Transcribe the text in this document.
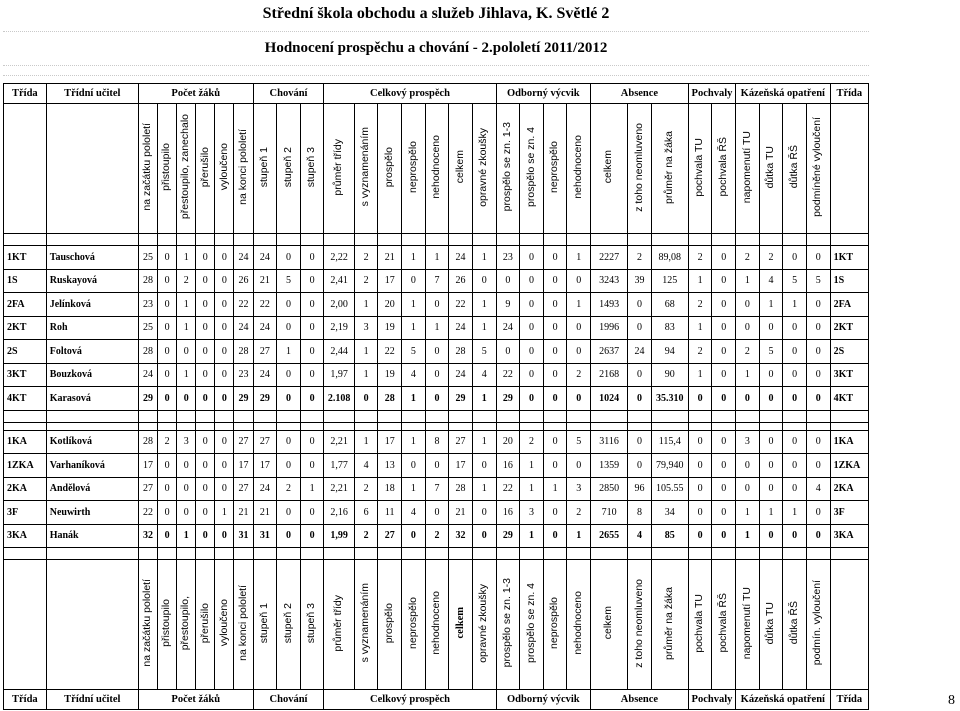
Střední škola obchodu a služeb Jihlava, K. Světlé 2
Hodnocení prospěchu a chování - 2.pololetí 2011/2012
Třída	Třídní učitel	Počet žáků						Chování			Celkový prospěch							Odborný výcvik				Absence			Pochvaly		Kázeňská opatření				Třída
		na začátku pololetí	přistoupilo	přestoupilo, zanechalo	přerušilo	vyloučeno	na konci pololetí	stupeň 1	stupeň 2	stupeň 3	průměr třídy	s vyznamenáním	prospělo	neprospělo	nehodnoceno	celkem	opravné zkoušky	prospělo se zn. 1-3	prospělo se zn. 4	neprospělo	nehodnoceno	celkem	z toho neomluveno	průměr na žáka	pochvala TU	pochvala ŘŠ	napomenutí TU	důtka TU	důtka ŘŠ	podmíněné vyloučení	

1KT	Tauschová	25	0	1	0	0	24	24	0	0	2,22	2	21	1	1	24	1	23	0	0	1	2227	2	89,08	2	0	2	2	0	0	1KT
1S	Ruskayová	28	0	2	0	0	26	21	5	0	2,41	2	17	0	7	26	0	0	0	0	0	3243	39	125	1	0	1	4	5	5	1S
2FA	Jelínková	23	0	1	0	0	22	22	0	0	2,00	1	20	1	0	22	1	9	0	0	1	1493	0	68	2	0	0	1	1	0	2FA
2KT	Roh	25	0	1	0	0	24	24	0	0	2,19	3	19	1	1	24	1	24	0	0	0	1996	0	83	1	0	0	0	0	0	2KT
2S	Foltová	28	0	0	0	0	28	27	1	0	2,44	1	22	5	0	28	5	0	0	0	0	2637	24	94	2	0	2	5	0	0	2S
3KT	Bouzková	24	0	1	0	0	23	24	0	0	1,97	1	19	4	0	24	4	22	0	0	2	2168	0	90	1	0	1	0	0	0	3KT
4KT	Karasová	29	0	0	0	0	29	29	0	0	2.108	0	28	1	0	29	1	29	0	0	0	1024	0	35.310	0	0	0	0	0	0	4KT

1KA	Kotlíková	28	2	3	0	0	27	27	0	0	2,21	1	17	1	8	27	1	20	2	0	5	3116	0	115,4	0	0	3	0	0	0	1KA
1ZKA	Varhaníková	17	0	0	0	0	17	17	0	0	1,77	4	13	0	0	17	0	16	1	0	0	1359	0	79,940	0	0	0	0	0	0	1ZKA
2KA	Andělová	27	0	0	0	0	27	24	2	1	2,21	2	18	1	7	28	1	22	1	1	3	2850	96	105.55	0	0	0	0	0	4	2KA
3F	Neuwirth	22	0	0	0	1	21	21	0	0	2,16	6	11	4	0	21	0	16	3	0	2	710	8	34	0	0	1	1	1	0	3F
3KA	Hanák	32	0	1	0	0	31	31	0	0	1,99	2	27	0	2	32	0	29	1	0	1	2655	4	85	0	0	1	0	0	0	3KA

		na začátku pololetí	přistoupilo	přestoupilo,	přerušilo	vyloučeno	na konci pololetí	stupeň 1	stupeň 2	stupeň 3	průměr třídy	s vyznamenáním	prospělo	neprospělo	nehodnoceno	celkem	opravné zkoušky	prospělo se zn. 1-3	prospělo se zn. 4	neprospělo	nehodnoceno	celkem	z toho neomluveno	průměr na žáka	pochvala TU	pochvala ŘŠ	napomenutí TU	důtka TU	důtka ŘŠ	podmín. vyloučení	
Třída	Třídní učitel	Počet žáků						Chování			Celkový prospěch							Odborný výcvik				Absence			Pochvaly		Kázeňská opatření				Třída	8
